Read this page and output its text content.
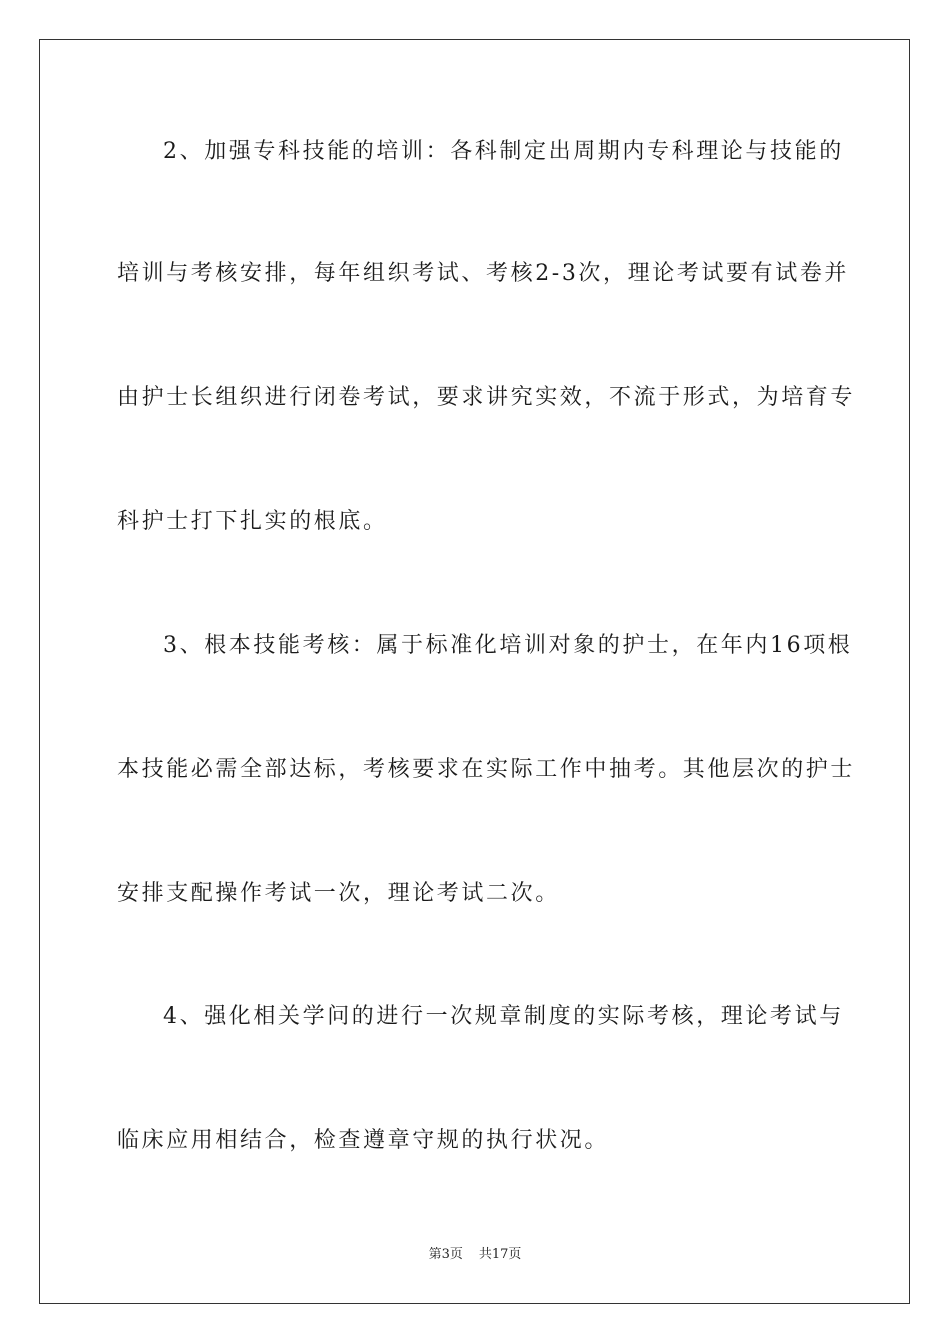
2、加强专科技能的培训：各科制定出周期内专科理论与技能的
培训与考核安排，每年组织考试、考核2-3次，理论考试要有试卷并
由护士长组织进行闭卷考试，要求讲究实效，不流于形式，为培育专
科护士打下扎实的根底。
3、根本技能考核：属于标准化培训对象的护士，在年内16项根
本技能必需全部达标，考核要求在实际工作中抽考。其他层次的护士
安排支配操作考试一次，理论考试二次。
4、强化相关学问的进行一次规章制度的实际考核，理论考试与
临床应用相结合，检查遵章守规的执行状况。
第3页 共17页
